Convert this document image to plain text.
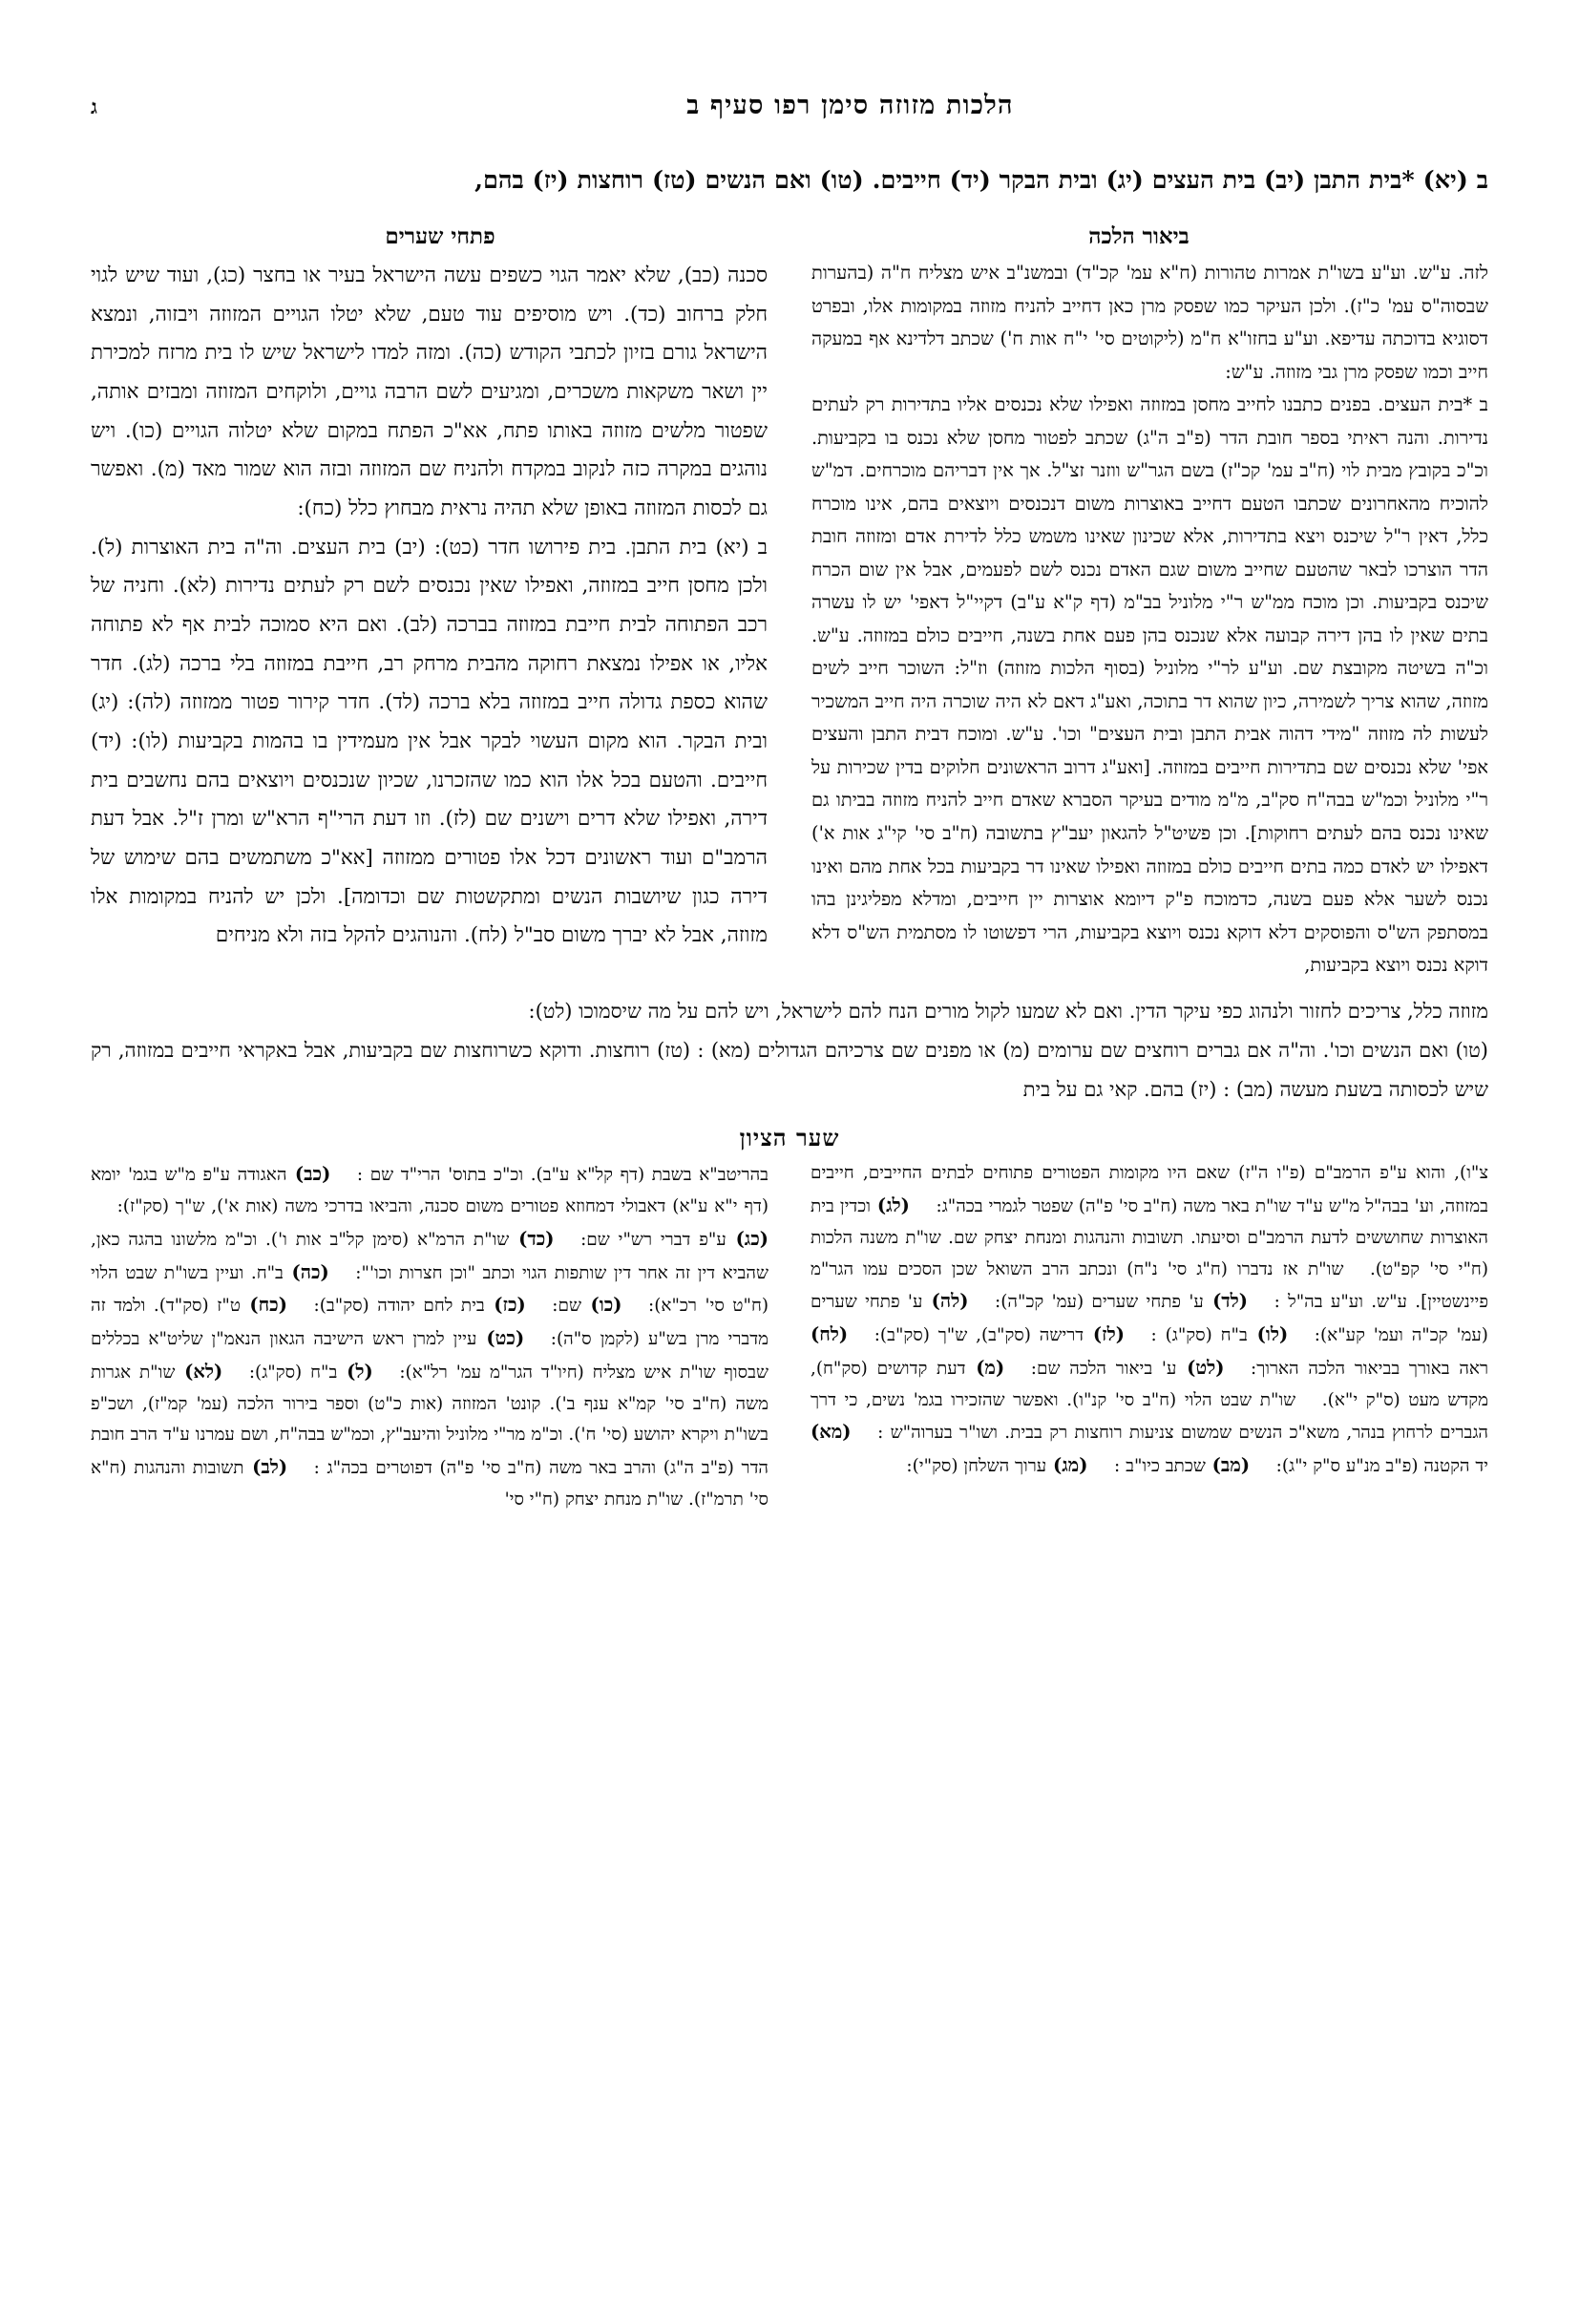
הלכות מזוזה סימן רפו סעיף ב
ג
ב (יא) *בית התבן (יב) בית העצים (יג) ובית הבקר (יד) חייבים. (טו) ואם הנשים (טז) רוחצות (יז) בהם,
ביאור הלכה
פתחי שערים

לזה. ע"ש. וע"ע בשו"ת אמרות טהורות (ח"א עמ' קכ"ד) ובמשנ"ב איש מצליח ח"ה (בהערות שבסוה"ס עמ' כ"ז). ולכן העיקר כמו שפסק מרן כאן דחייב להניח מזוזה במקומות אלו, ובפרט דסוגיא בדוכתה עדיפא. וע"ע בחזו"א ח"מ (ליקוטים סי' י"ח אות ח') שכתב דלדינא אף במעקה חייב וכמו שפסק מרן גבי מזוזה. ע"ש:

ב *בית העצים. בפנים כתבנו לחייב מחסן במזוזה ואפילו שלא נכנסים אליו בתדירות רק לעתים נדירות. והנה ראיתי בספר חובת הדר (פ"ב ה"ג) שכתב לפטור מחסן שלא נכנס בו בקביעות. וכ"כ בקובץ מבית לוי (ח"ב עמ' קכ"ז) בשם הגר"ש ווזנר זצ"ל. אך אין דבריהם מוכרחים. דמ"ש להוכיח מהאחרונים שכתבו הטעם דחייב באוצרות משום דנכנסים ויוצאים בהם, אינו מוכרח כלל, דאין ר"ל שיכנס ויצא בתדירות, אלא שכינון שאינו משמש כלל לדירת אדם ומזוזה חובת הדר הוצרכו לבאר שהטעם שחייב משום שגם האדם נכנס לשם לפעמים, אבל אין שום הכרח שיכנס בקביעות. וכן מוכח ממ"ש ר"י מלוניל בב"מ (דף ק"א ע"ב) דקיי"ל דאפי' יש לו עשרה בתים שאין לו בהן דירה קבועה אלא שנכנס בהן פעם אחת בשנה, חייבים כולם במזוזה. ע"ש. וכ"ה בשיטה מקובצת שם. וע"ע לר"י מלוניל (בסוף הלכות מזוזה) וז"ל: השוכר חייב לשים מזוזה, שהוא צריך לשמירה, כיון שהוא דר בתוכה, ואע"ג דאם לא היה שוכרה היה חייב המשכיר לעשות לה מזוזה "מידי דהוה אבית התבן ובית העצים" וכו'. ע"ש. ומוכח דבית התבן והעצים אפי' שלא נכנסים שם בתדירות חייבים במזוזה. [ואע"ג דרוב הראשונים חלוקים בדין שכירות על ר"י מלוניל וכמ"ש בבה"ח סק"ב, מ"מ מודים בעיקר הסברא שאדם חייב להניח מזוזה בביתו גם שאינו נכנס בהם לעתים רחוקות]. וכן פשיט"ל להגאון יעב"ץ בתשובה (ח"ב סי' קי"ג אות א') דאפילו יש לאדם כמה בתים חייבים כולם במזוזה ואפילו שאינו דר בקביעות בכל אחת מהם ואינו נכנס לשער אלא פעם בשנה, כדמוכח פ"ק דיומא אוצרות יין חייבים, ומדלא מפליגינן בהו במסתפק הש"ס והפוסקים דלא דוקא נכנס ויוצא בקביעות, הרי דפשוטו לו מסתמית הש"ס דלא דוקא נכנס ויוצא בקביעות,

סכנה (כב), שלא יאמר הגוי כשפים עשה הישראל בעיר או בחצר (כג), ועוד שיש לגוי חלק ברחוב (כד). ויש מוסיפים עוד טעם, שלא יטלו הגויים המזוזה ויבזוה, ונמצא הישראל גורם בזיון לכתבי הקודש (כה). ומזה למדו לישראל שיש לו בית מרזח למכירת יין ושאר משקאות משכרים, ומגיעים לשם הרבה גויים, ולוקחים המזוזה ומבזים אותה, שפטור מלשים מזוזה באותו פתח, אא"כ הפתח במקום שלא יטלוה הגויים (כו). ויש נוהגים במקרה כזה לנקוב במקדח ולהניח שם המזוזה ובזה הוא שמור מאד (מ). ואפשר גם לכסות המזוזה באופן שלא תהיה נראית מבחוץ כלל (כח):

ב (יא) בית התבן. בית פירושו חדר (כט): (יב) בית העצים. וה"ה בית האוצרות (ל). ולכן מחסן חייב במזוזה, ואפילו שאין נכנסים לשם רק לעתים נדירות (לא). וחניה של רכב הפתוחה לבית חייבת במזוזה בברכה (לב). ואם היא סמוכה לבית אף לא פתוחה אליו, או אפילו נמצאת רחוקה מהבית מרחק רב, חייבת במזוזה בלי ברכה (לג). חדר שהוא כספת גדולה חייב במזוזה בלא ברכה (לד). חדר קירור פטור ממזוזה (לה): (יג) ובית הבקר. הוא מקום העשוי לבקר אבל אין מעמידין בו בהמות בקביעות (לו): (יד) חייבים. והטעם בכל אלו הוא כמו שהזכרנו, שכיון שנכנסים ויוצאים בהם נחשבים בית דירה, ואפילו שלא דרים וישנים שם (לז). וזו דעת הרי"ף הרא"ש ומרן ז"ל. אבל דעת הרמב"ם ועוד ראשונים דכל אלו פטורים ממזוזה [אא"כ משתמשים בהם שימוש של דירה כגון שיושבות הנשים ומתקשטות שם וכדומה]. ולכן יש להניח במקומות אלו מזוזה, אבל לא יברך משום סב"ל (לח). והנוהגים להקל בזה ולא מניחים

מזוזה כלל, צריכים לחזור ולנהוג כפי עיקר הדין. ואם לא שמעו לקול מורים הנח להם לישראל, ויש להם על מה שיסמוכו (לט):

(טו) ואם הנשים וכו'. וה"ה אם גברים רוחצים שם ערומים (מ) או מפנים שם צרכיהם הגדולים (מא) : (טז) רוחצות. ודוקא כשרוחצות שם בקביעות, אבל באקראי חייבים במזוזה, רק שיש לכסותה בשעת מעשה (מב) : (יז) בהם. קאי גם על בית

שער הציון
צ"ו), והוא ע"פ הרמב"ם (פ"ו ה"ז) שאם היו מקומות הפטורים פתוחים לבתים החייבים, חייבים במזוזה, וע' בבה"ל מ"ש ע"ד שו"ת באר משה (ח"ב סי' פ"ה) שפטר לגמרי בכה"ג:   (לג) וכדין בית האוצרות שחוששים לדעת הרמב"ם וסיעתו. תשובות והנהגות ומנחת יצחק שם. שו"ת משנה הלכות (ח"י סי' קפ"ט).   שו"ת אז נדברו (ח"ג סי' נ"ח) ונכתב הרב השואל שכן הסכים עמו הגר"מ פיינשטיין]. ע"ש. וע"ע בה"ל :   (לד) ע' פתחי שערים (עמ' קכ"ה):   (לה) ע' פתחי שערים (עמ' קכ"ה ועמ' קע"א):   (לו) ב"ח (סק"ג) :   (לז) דרישה (סק"ב), ש"ך (סק"ב):   (לח) ראה באורך בביאור הלכה הארוך:   (לט) ע' ביאור הלכה שם:   (מ) דעת קדושים (סק"ח), מקדש מעט (ס"ק י"א).   שו"ת שבט הלוי (ח"ב סי' קנ"ו). ואפשר שהזכירו בגמ' נשים, כי דרך הגברים לרחוץ בנהר, משא"כ הנשים שמשום צניעות רוחצות רק בבית. ושו"ר בערוה"ש :   (מא) יד הקטנה (פ"ב מנ"ע ס"ק י"ג):   (מב) שכתב כיו"ב :   (מג) ערוך השלחן (סק"י):   
בהריטב"א בשבת (דף קל"א ע"ב). וכ"כ בתוס' הרי"ד שם :   (כב) האגודה ע"פ מ"ש בגמ' יומא (דף י"א ע"א) דאבולי דמחוזא פטורים משום סכנה, והביאו בדרכי משה (אות א'), ש"ך (סק"ז):   (כג) ע"פ דברי רש"י שם:   (כד) שו"ת הרמ"א (סימן קל"ב אות ו'). וכ"מ מלשונו בהגה כאן, שהביא דין זה אחר דין שותפות הגוי וכתב "וכן חצרות וכו'":   (כה) ב"ח. ועיין בשו"ת שבט הלוי (ח"ט סי' רכ"א):   (כו) שם:   (כז) בית לחם יהודה (סק"ב):   (כח) ט"ז (סק"ד). ולמד זה מדברי מרן בש"ע (לקמן ס"ה):   (כט) עיין למרן ראש הישיבה הגאון הנאמ"ן שליט"א בכללים שבסוף שו"ת איש מצליח (חיו"ד הגר"מ עמ' רל"א):   (ל) ב"ח (סק"ג):   (לא) שו"ת אגרות משה (ח"ב סי' קמ"א ענף ב'). קונט' המזוזה (אות כ"ט) וספר בירור הלכה (עמ' קמ"ז), ושכ"פ בשו"ת ויקרא יהושע (סי' ח'). וכ"מ מר"י מלוניל והיעב"ץ, וכמ"ש בבה"ח, ושם עמרנו ע"ד הרב חובת הדר (פ"ב ה"ג) והרב באר משה (ח"ב סי' פ"ה) דפוטרים בכה"ג :   (לב) תשובות והנהגות (ח"א סי' תרמ"ז). שו"ת מנחת יצחק (ח"י סי'   
